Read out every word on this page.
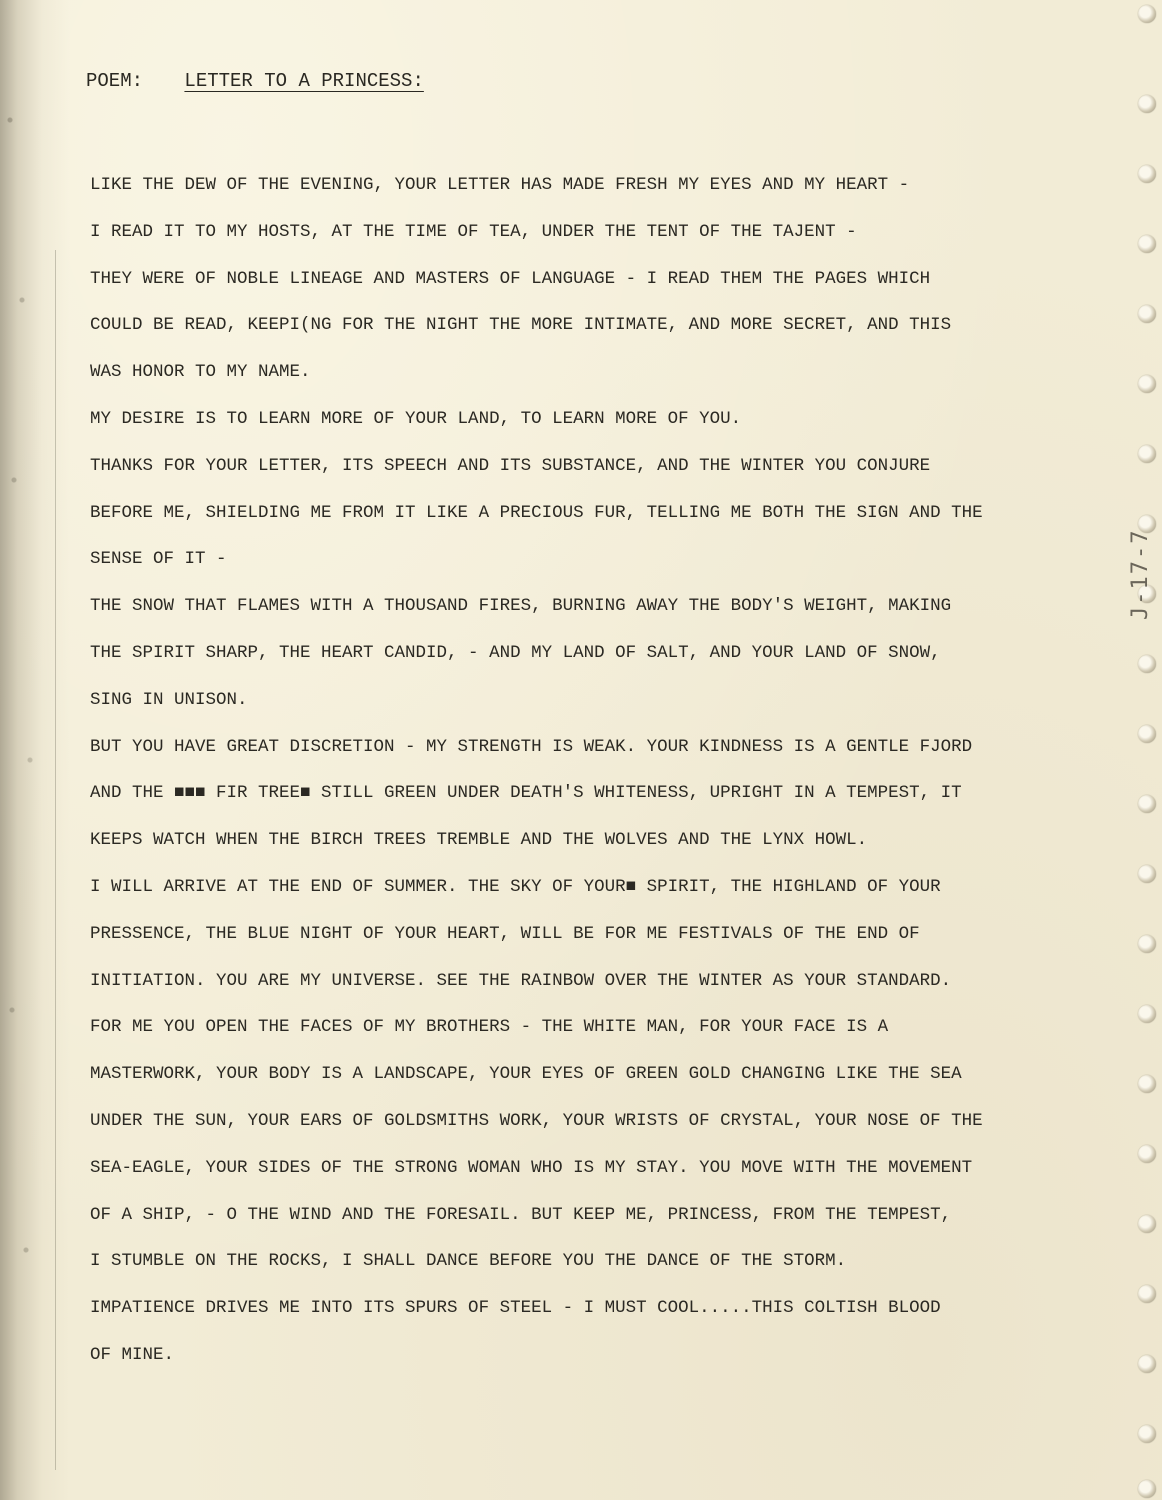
J-17-7
POEM: LETTER TO A PRINCESS:
LIKE THE DEW OF THE EVENING, YOUR LETTER HAS MADE FRESH MY EYES AND MY HEART -
I READ IT TO MY HOSTS, AT THE TIME OF TEA, UNDER THE TENT OF THE TAJENT -
THEY WERE OF NOBLE LINEAGE AND MASTERS OF LANGUAGE - I READ THEM THE PAGES WHICH
COULD BE READ, KEEPI(NG FOR THE NIGHT THE MORE INTIMATE, AND MORE SECRET, AND THIS
WAS HONOR TO MY NAME.
MY DESIRE IS TO LEARN MORE OF YOUR LAND, TO LEARN MORE OF YOU.
THANKS FOR YOUR LETTER, ITS SPEECH AND ITS SUBSTANCE, AND THE WINTER YOU CONJURE
BEFORE ME, SHIELDING ME FROM IT LIKE A PRECIOUS FUR, TELLING ME BOTH THE SIGN AND THE
SENSE OF IT -
THE SNOW THAT FLAMES WITH A THOUSAND FIRES, BURNING AWAY THE BODY'S WEIGHT, MAKING
THE SPIRIT SHARP, THE HEART CANDID, - AND MY LAND OF SALT, AND YOUR LAND OF SNOW,
SING IN UNISON.
BUT YOU HAVE GREAT DISCRETION - MY STRENGTH IS WEAK. YOUR KINDNESS IS A GENTLE FJORD
AND THE ■■■ FIR TREE■ STILL GREEN UNDER DEATH'S WHITENESS, UPRIGHT IN A TEMPEST, IT
KEEPS WATCH WHEN THE BIRCH TREES TREMBLE AND THE WOLVES AND THE LYNX HOWL.
I WILL ARRIVE AT THE END OF SUMMER. THE SKY OF YOUR■ SPIRIT, THE HIGHLAND OF YOUR
PRESSENCE, THE BLUE NIGHT OF YOUR HEART, WILL BE FOR ME FESTIVALS OF THE END OF
INITIATION. YOU ARE MY UNIVERSE. SEE THE RAINBOW OVER THE WINTER AS YOUR STANDARD.
FOR ME YOU OPEN THE FACES OF MY BROTHERS - THE WHITE MAN, FOR YOUR FACE IS A
MASTERWORK, YOUR BODY IS A LANDSCAPE, YOUR EYES OF GREEN GOLD CHANGING LIKE THE SEA
UNDER THE SUN, YOUR EARS OF GOLDSMITHS WORK, YOUR WRISTS OF CRYSTAL, YOUR NOSE OF THE
SEA-EAGLE, YOUR SIDES OF THE STRONG WOMAN WHO IS MY STAY. YOU MOVE WITH THE MOVEMENT
OF A SHIP, - O THE WIND AND THE FORESAIL. BUT KEEP ME, PRINCESS, FROM THE TEMPEST,
I STUMBLE ON THE ROCKS, I SHALL DANCE BEFORE YOU THE DANCE OF THE STORM.
IMPATIENCE DRIVES ME INTO ITS SPURS OF STEEL - I MUST COOL.....THIS COLTISH BLOOD
OF MINE.
